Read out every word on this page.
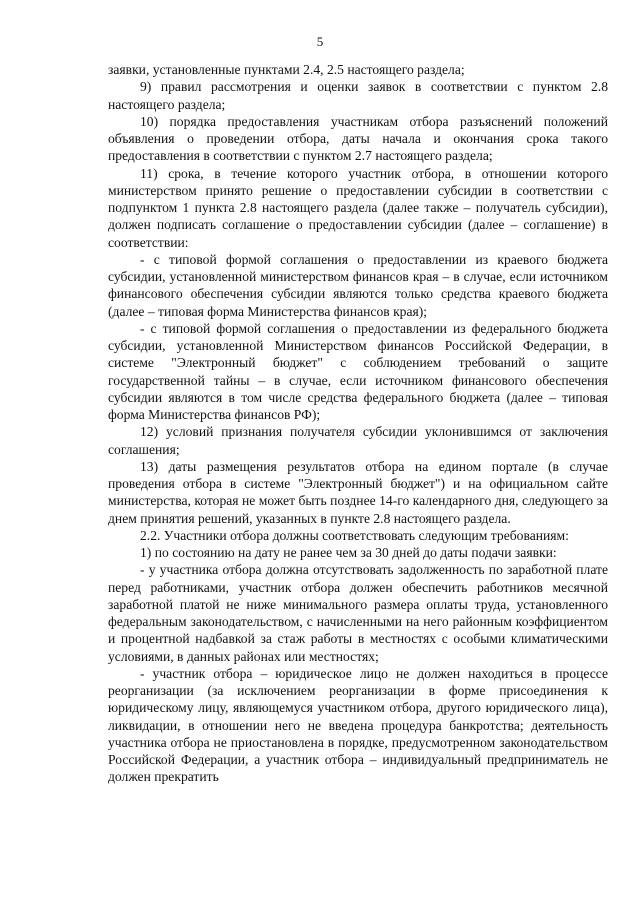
5

заявки, установленные пунктами 2.4, 2.5 настоящего раздела;

9) правил рассмотрения и оценки заявок в соответствии с пунктом 2.8 настоящего раздела;

10) порядка предоставления участникам отбора разъяснений положений объявления о проведении отбора, даты начала и окончания срока такого предоставления в соответствии с пунктом 2.7 настоящего раздела;

11) срока, в течение которого участник отбора, в отношении которого министерством принято решение о предоставлении субсидии в соответствии с подпунктом 1 пункта 2.8 настоящего раздела (далее также – получатель субсидии), должен подписать соглашение о предоставлении субсидии (далее – соглашение) в соответствии:

- с типовой формой соглашения о предоставлении из краевого бюджета субсидии, установленной министерством финансов края – в случае, если источником финансового обеспечения субсидии являются только средства краевого бюджета (далее – типовая форма Министерства финансов края);

- с типовой формой соглашения о предоставлении из федерального бюджета субсидии, установленной Министерством финансов Российской Федерации, в системе "Электронный бюджет" с соблюдением требований о защите государственной тайны – в случае, если источником финансового обеспечения субсидии являются в том числе средства федерального бюджета (далее – типовая форма Министерства финансов РФ);

12) условий признания получателя субсидии уклонившимся от заключения соглашения;

13) даты размещения результатов отбора на едином портале (в случае проведения отбора в системе "Электронный бюджет") и на официальном сайте министерства, которая не может быть позднее 14-го календарного дня, следующего за днем принятия решений, указанных в пункте 2.8 настоящего раздела.

2.2. Участники отбора должны соответствовать следующим требованиям:

1) по состоянию на дату не ранее чем за 30 дней до даты подачи заявки:

- у участника отбора должна отсутствовать задолженность по заработной плате перед работниками, участник отбора должен обеспечить работников месячной заработной платой не ниже минимального размера оплаты труда, установленного федеральным законодательством, с начисленными на него районным коэффициентом и процентной надбавкой за стаж работы в местностях с особыми климатическими условиями, в данных районах или местностях;

- участник отбора – юридическое лицо не должен находиться в процессе реорганизации (за исключением реорганизации в форме присоединения к юридическому лицу, являющемуся участником отбора, другого юридического лица), ликвидации, в отношении него не введена процедура банкротства; деятельность участника отбора не приостановлена в порядке, предусмотренном законодательством Российской Федерации, а участник отбора – индивидуальный предприниматель не должен прекратить
